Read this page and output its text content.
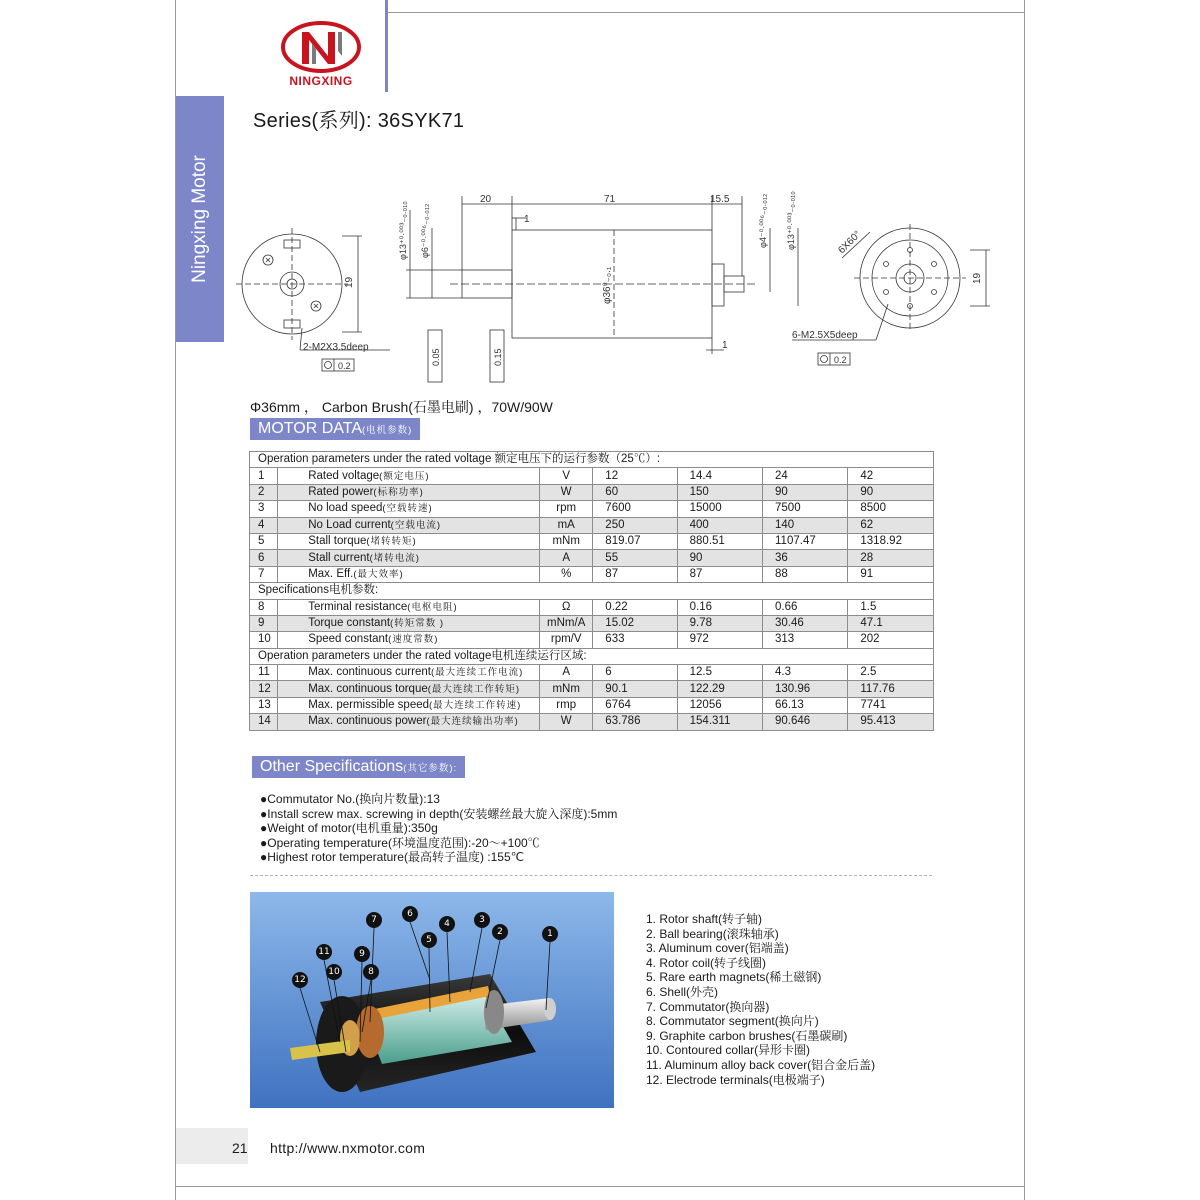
Ningxing Motor
NINGXING
Series(系列): 36SYK71
19
2-M2X3.5deep
0.2
20	71	15.5
1
1
φ13⁺⁰·⁰⁰³₋₀.₀₁₀ φ6⁻⁰·⁰⁰⁶₋₀.₀₁₂
φ36⁰₋₀.₁
φ4⁻⁰·⁰⁰⁶₋₀.₀₁₂ φ13⁺⁰·⁰⁰³₋₀.₀₁₀
0.05	0.15
19
6X60°
6-M2.5X5deep
0.2
Φ36mm ， Carbon Brush(石墨电刷) ，70W/90W
MOTOR DATA(电机参数)
Operation parameters under the rated voltage 额定电压下的运行参数（25℃）:						
1	Rated voltage(额定电压)	V	12	14.4	24	42
2	Rated power(标称功率)	W	60	150	90	90
3	No load speed(空载转速)	rpm	7600	15000	7500	8500
4	No Load current(空载电流)	mA	250	400	140	62
5	Stall torque(堵转转矩)	mNm	819.07	880.51	1107.47	1318.92
6	Stall current(堵转电流)	A	55	90	36	28
7	Max. Eff.(最大效率)	%	87	87	88	91
Specifications电机参数:						
8	Terminal resistance(电枢电阻)	Ω	0.22	0.16	0.66	1.5
9	Torque constant(转矩常数 )	mNm/A	15.02	9.78	30.46	47.1
10	Speed constant(速度常数)	rpm/V	633	972	313	202
Operation parameters under the rated voltage电机连续运行区域:						
11	Max. continuous current(最大连续工作电流)	A	6	12.5	4.3	2.5
12	Max. continuous torque(最大连续工作转矩)	mNm	90.1	122.29	130.96	117.76
13	Max. permissible speed(最大连续工作转速)	rmp	6764	12056	66.13	7741
14	Max. continuous power(最大连续输出功率)	W	63.786	154.311	90.646	95.413
Other Specifications(其它参数):
●Commutator No.(换向片数量):13
●Install screw max. screwing in depth(安装螺丝最大旋入深度):5mm
●Weight of motor(电机重量):350g
●Operating temperature(环境温度范围):-20～+100℃
●Highest rotor temperature(最高转子温度) :155℃
7
6
4	3
2	1
5
11	9
10	8
12
1. Rotor shaft(转子轴)
2. Ball bearing(滚珠轴承)
3. Aluminum cover(铝端盖)
4. Rotor coil(转子线圈)
5. Rare earth magnets(稀土磁钢)
6. Shell(外壳)
7. Commutator(换向器)
8. Commutator segment(换向片)
9. Graphite carbon brushes(石墨碳刷)
10. Contoured collar(异形卡圈)
11. Aluminum alloy back cover(铝合金后盖)
12. Electrode terminals(电极端子)
21 http://www.nxmotor.com
